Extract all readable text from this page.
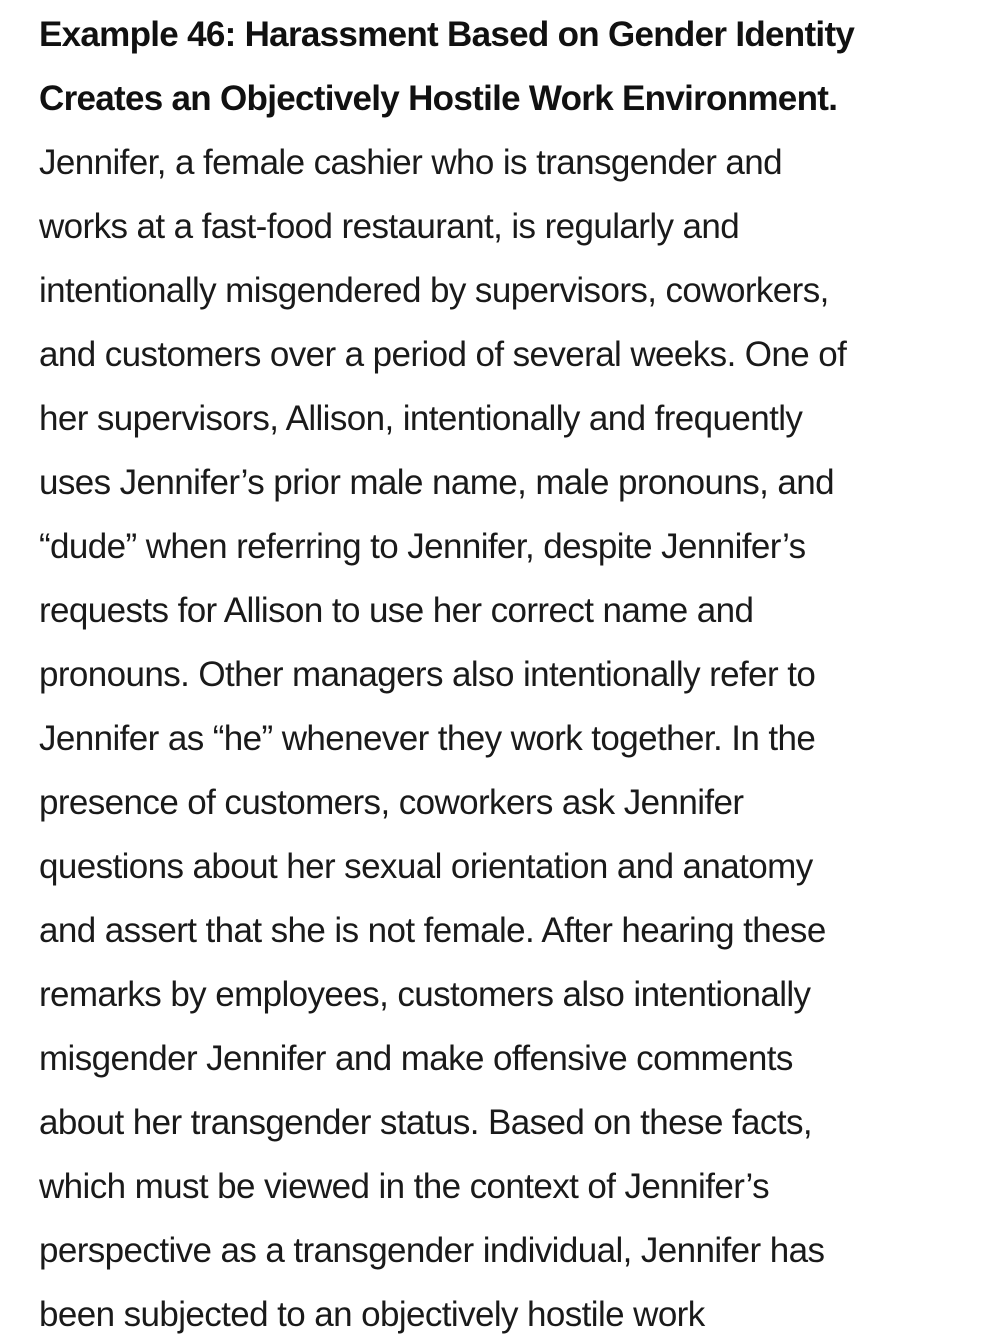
Example 46: Harassment Based on Gender Identity
Creates an Objectively Hostile Work Environment.
Jennifer, a female cashier who is transgender and
works at a fast-food restaurant, is regularly and
intentionally misgendered by supervisors, coworkers,
and customers over a period of several weeks. One of
her supervisors, Allison, intentionally and frequently
uses Jennifer’s prior male name, male pronouns, and
“dude” when referring to Jennifer, despite Jennifer’s
requests for Allison to use her correct name and
pronouns. Other managers also intentionally refer to
Jennifer as “he” whenever they work together. In the
presence of customers, coworkers ask Jennifer
questions about her sexual orientation and anatomy
and assert that she is not female. After hearing these
remarks by employees, customers also intentionally
misgender Jennifer and make offensive comments
about her transgender status. Based on these facts,
which must be viewed in the context of Jennifer’s
perspective as a transgender individual, Jennifer has
been subjected to an objectively hostile work
